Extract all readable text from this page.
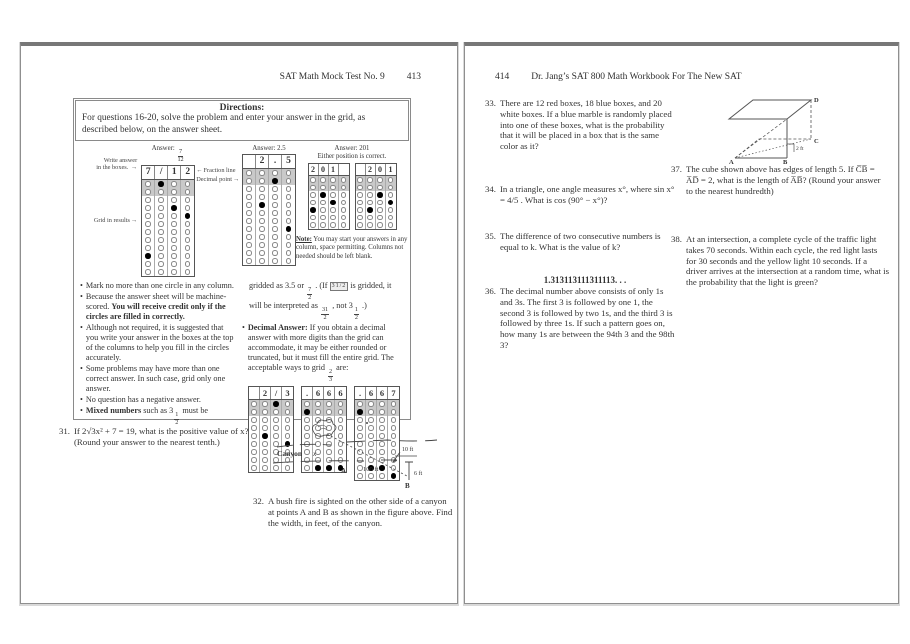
SAT Math Mock Test No. 9 413
Directions:
For questions 16-20, solve the problem and enter your answer in the grid, as described below, on the answer sheet.
Write answer
in the boxes. →
Grid in results →
Answer:
$\frac{7}{12}$
7 / 1 2	← Fraction line
Decimal point →
Answer: 2.5
2 .	5
Answer: 201
Either position is correct.
2 0 1	2 0 1
Note: You may start your answers in any column, space permitting. Columns not needed should be left blank.
• Mark no more than one circle in any column.
• Because the answer sheet will be machine-scored. You will receive credit only if the circles are filled in correctly.
• Although not required, it is suggested that you write your answer in the boxes at the top of the columns to help you fill in the circles accurately.
• Some problems may have more than one correct answer. In such case, grid only one answer.
• No question has a negative answer.
• Mixed numbers such as 3
$\frac{1}{2}$
must be
gridded as 3.5 or
$\frac{7}{2}$
. (If 31/2 is gridded, it will be interpreted as
$\frac{31}{2}$
, not 3
$\frac{1}{2}$
.)
• Decimal Answer: If you obtain a decimal answer with more digits than the grid can accommodate, it may be either rounded or truncated, but it must fill the entire grid. The acceptable ways to grid
$\frac{2}{3}$
are:
2 / 3	. 6 6 6	. 6 6 7
31. If 2√3x² + 7 = 19, what is the positive value of x? (Round your answer to the nearest tenth.)
Canyon x
A	100 ft
10 ft
6 ft
B
32. A bush fire is sighted on the other side of a canyon at points A and B as shown in the figure above. Find the width, in feet, of the canyon.
414 Dr. Jang’s SAT 800 Math Workbook For The New SAT
33. There are 12 red boxes, 18 blue boxes, and 20 white boxes. If a blue marble is randomly placed into one of these boxes, what is the probability that it will be placed in a box that is the same color as it?
34. In a triangle, one angle measures x°, where sin x° = 4/5 . What is cos (90° − x°)?
35. The difference of two consecutive numbers is equal to k. What is the value of k?
1.313113111311113. . .
36. The decimal number above consists of only 1s and 3s. The first 3 is followed by one 1, the second 3 is followed by two 1s, and the third 3 is followed by three 1s. If such a pattern goes on, how many 1s are between the 94th 3 and the 98th 3?
D
C
2 ft
A	B
37. The cube shown above has edges of length 5. If C̅B̅ = A̅D̅ = 2, what is the length of A̅B̅? (Round your answer to the nearest hundredth)
38. At an intersection, a complete cycle of the traffic light takes 70 seconds. Within each cycle, the red light lasts for 30 seconds and the yellow light 10 seconds. If a driver arrives at the intersection at a random time, what is the probability that the light is green?
